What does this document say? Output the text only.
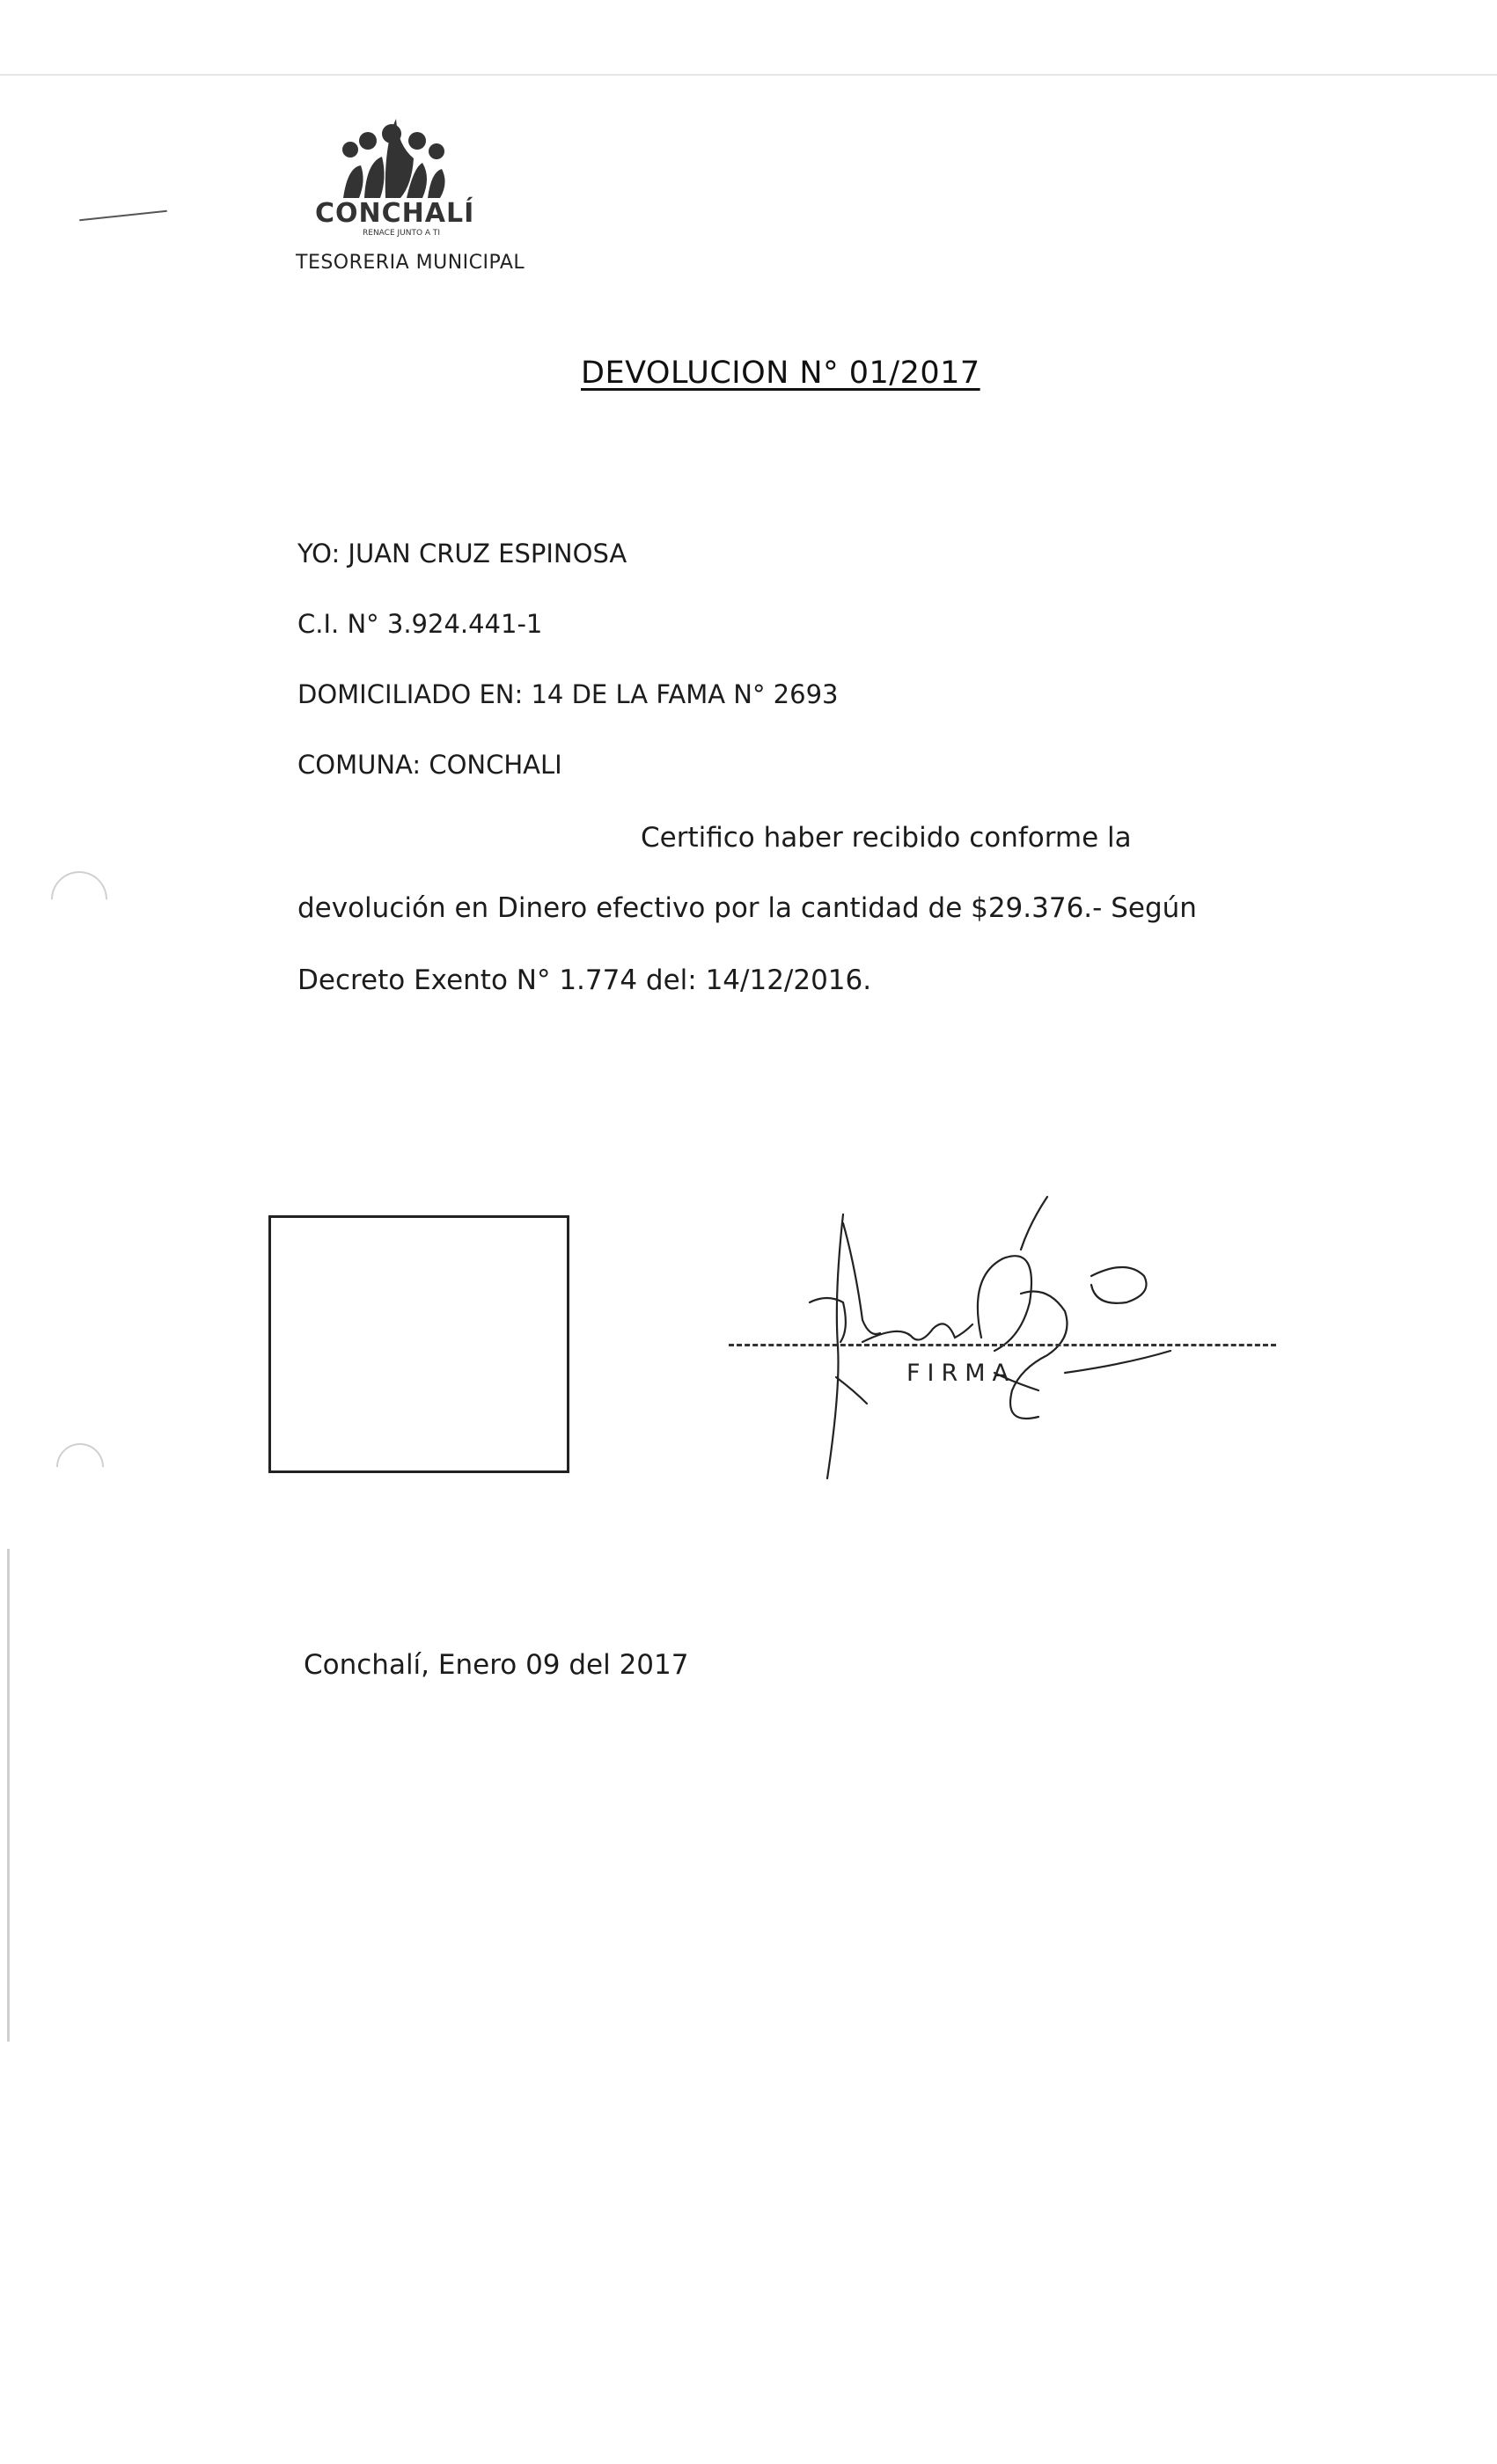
CONCHALÍ
RENACE JUNTO A TI
TESORERIA MUNICIPAL
DEVOLUCION N° 01/2017
YO: JUAN CRUZ ESPINOSA
C.I. N° 3.924.441-1
DOMICILIADO EN: 14 DE LA FAMA N° 2693
COMUNA: CONCHALI
Certifico haber recibido conforme la
devolución en Dinero efectivo por la cantidad de $29.376.- Según
Decreto Exento N° 1.774 del: 14/12/2016.
FIRMA
Conchalí, Enero 09 del 2017
